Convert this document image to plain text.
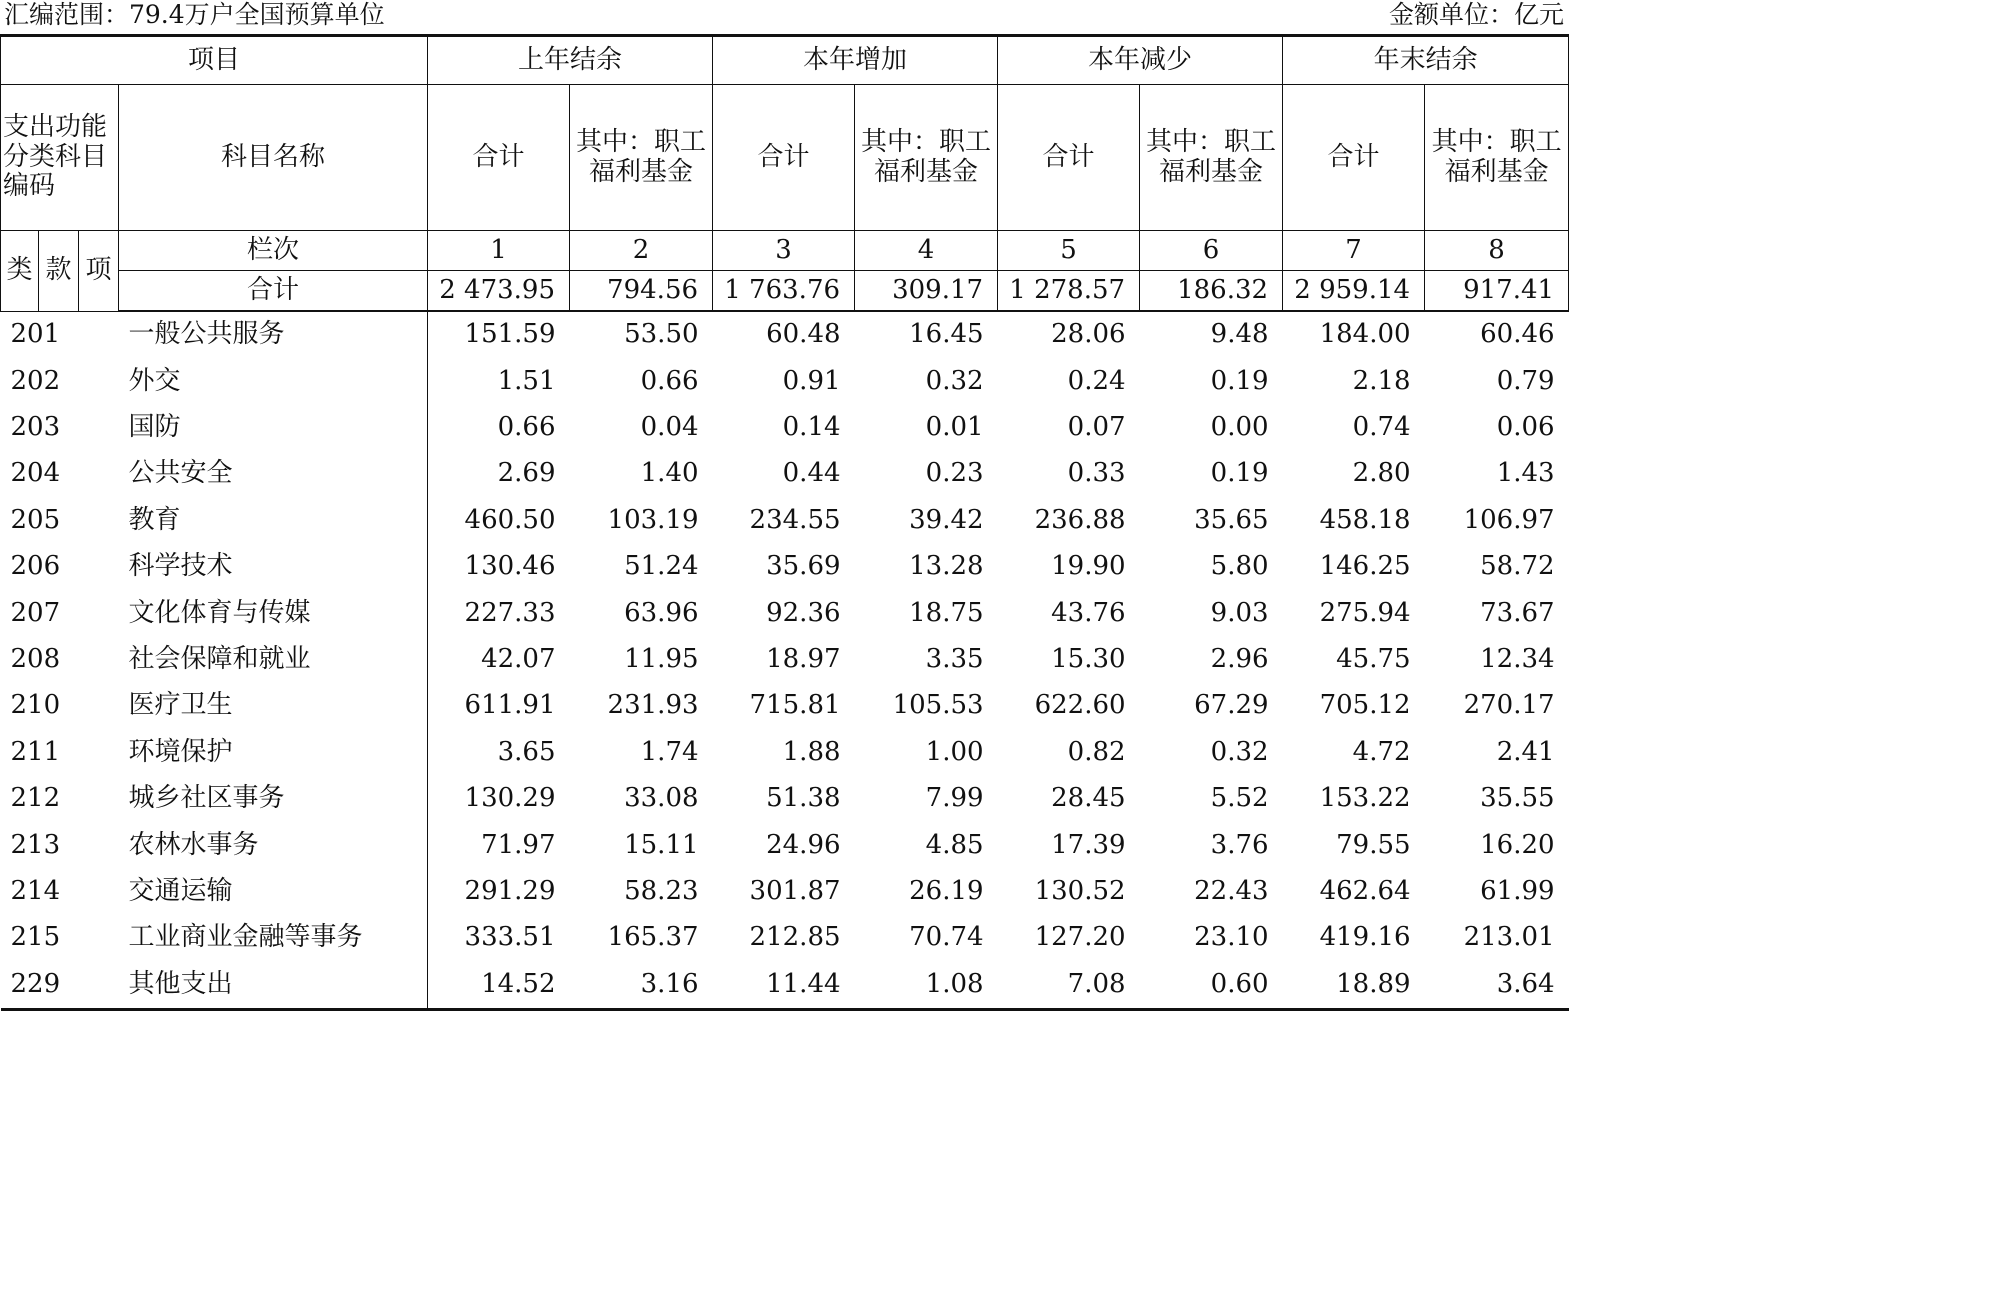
汇编范围：79.4万户全国预算单位	金额单位：亿元
项目				上年结余		本年增加		本年减少		年末结余	
支出功能分类科目编码			科目名称	合计	其中：职工福利基金	合计	其中：职工福利基金	合计	其中：职工福利基金	合计	其中：职工福利基金
类	款	项	栏次	1	2	3	4	5	6	7	8
			合计	2 473.95	794.56	1 763.76	309.17	1 278.57	186.32	2 959.14	917.41
201			一般公共服务	151.59	53.50	60.48	16.45	28.06	9.48	184.00	60.46
202			外交	1.51	0.66	0.91	0.32	0.24	0.19	2.18	0.79
203			国防	0.66	0.04	0.14	0.01	0.07	0.00	0.74	0.06
204			公共安全	2.69	1.40	0.44	0.23	0.33	0.19	2.80	1.43
205			教育	460.50	103.19	234.55	39.42	236.88	35.65	458.18	106.97
206			科学技术	130.46	51.24	35.69	13.28	19.90	5.80	146.25	58.72
207			文化体育与传媒	227.33	63.96	92.36	18.75	43.76	9.03	275.94	73.67
208			社会保障和就业	42.07	11.95	18.97	3.35	15.30	2.96	45.75	12.34
210			医疗卫生	611.91	231.93	715.81	105.53	622.60	67.29	705.12	270.17
211			环境保护	3.65	1.74	1.88	1.00	0.82	0.32	4.72	2.41
212			城乡社区事务	130.29	33.08	51.38	7.99	28.45	5.52	153.22	35.55
213			农林水事务	71.97	15.11	24.96	4.85	17.39	3.76	79.55	16.20
214			交通运输	291.29	58.23	301.87	26.19	130.52	22.43	462.64	61.99
215			工业商业金融等事务	333.51	165.37	212.85	70.74	127.20	23.10	419.16	213.01
229			其他支出	14.52	3.16	11.44	1.08	7.08	0.60	18.89	3.64
